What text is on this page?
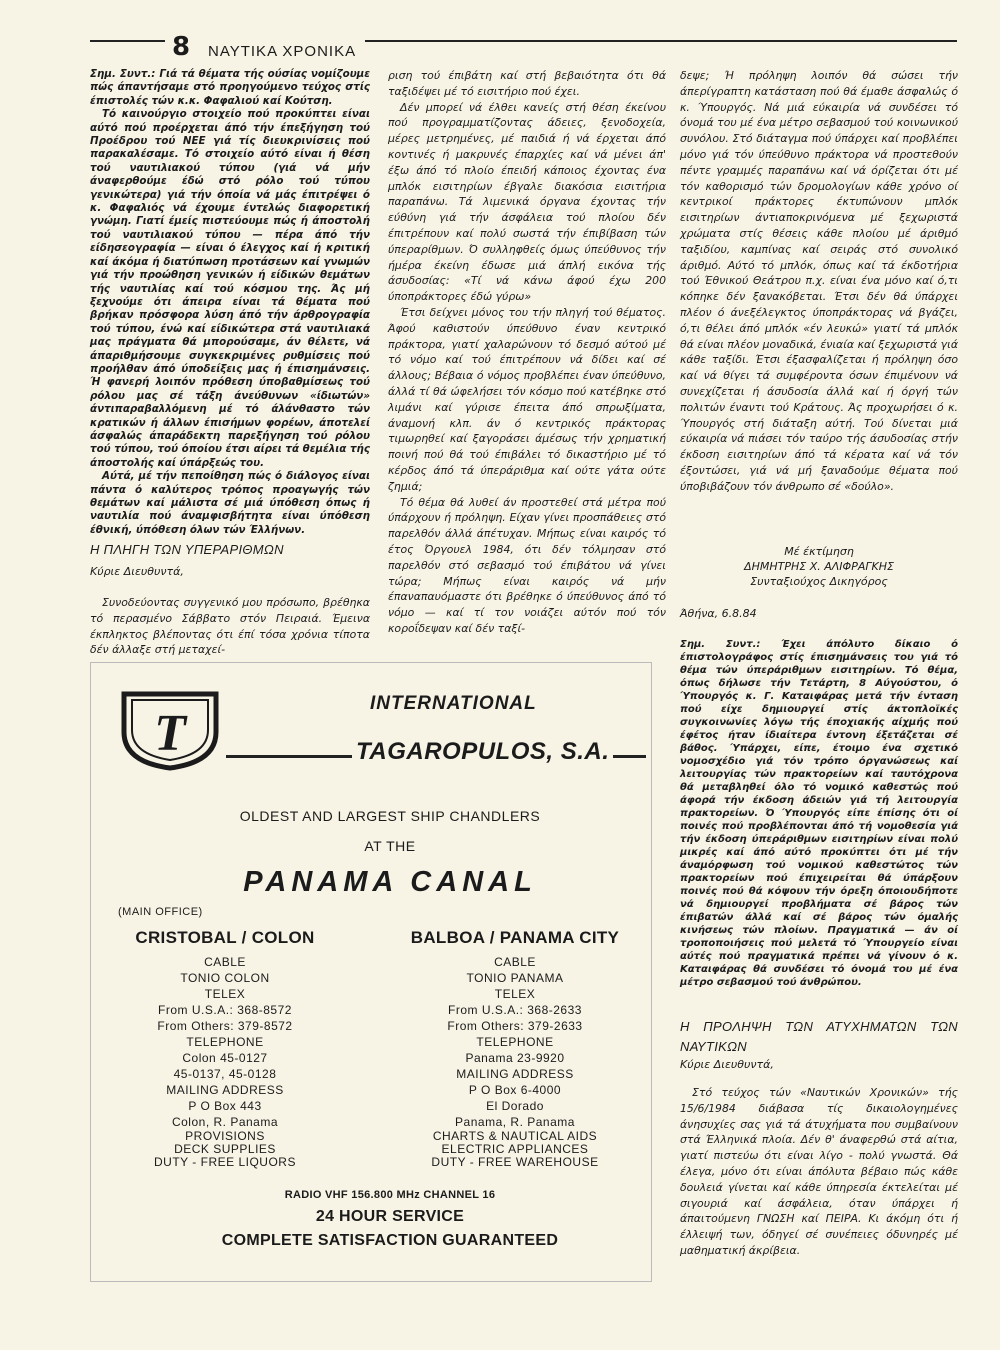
8 ΝΑΥΤΙΚΑ ΧΡΟΝΙΚΑ

Σημ. Συντ.: Γιά τά θέματα τής ούσίας νομίζουμε πώς άπαντήσαμε στό προηγούμενο τεύχος στίς έπιστολές τών κ.κ. Φαφαλιού καί Κούτση.

Τό καινούργιο στοιχείο πού προκύπτει είναι αύτό πού προέρχεται άπό τήν έπεξήγηση τού Προέδρου τού ΝΕΕ γιά τίς διευκρινίσεις πού παρακαλέσαμε. Τό στοιχείο αύτό είναι ή θέση τού ναυτιλιακού τύπου (γιά νά μήν άναφερθούμε έδώ στό ρόλο τού τύπου γενικώτερα) γιά τήν όποία νά μάς έπιτρέψει ό κ. Φαφαλιός νά έχουμε έντελώς διαφορετική γνώμη. Γιατί έμείς πιστεύουμε πώς ή άποστολή τού ναυτιλιακού τύπου — πέρα άπό τήν είδησεογραφία — είναι ό έλεγχος καί ή κριτική καί άκόμα ή διατύπωση προτάσεων καί γνωμών γιά τήν προώθηση γενικών ή είδικών θεμάτων τής ναυτιλίας καί τού κόσμου της. Άς μή ξεχνούμε ότι άπειρα είναι τά θέματα πού βρήκαν πρόσφορα λύση άπό τήν άρθρογραφία τού τύπου, ένώ καί είδικώτερα στά ναυτιλιακά μας πράγματα θά μπορούσαμε, άν θέλετε, νά άπαριθμήσουμε συγκεκριμένες ρυθμίσεις πού προήλθαν άπό ύποδείξεις μας ή έπισημάνσεις. Ή φανερή λοιπόν πρόθεση ύποβαθμίσεως τού ρόλου μας σέ τάξη άνεύθυνων «ίδιωτών» άντιπαραβαλλόμενη μέ τό άλάνθαστο τών κρατικών ή άλλων έπισήμων φορέων, άποτελεί άσφαλώς άπαράδεκτη παρεξήγηση τού ρόλου τού τύπου, τού όποίου έτσι αίρει τά θεμέλια τής άποστολής καί ύπάρξεώς του.

Αύτά, μέ τήν πεποίθηση πώς ό διάλογος είναι πάντα ό καλύτερος τρόπος προαγωγής τών θεμάτων καί μάλιστα σέ μιά ύπόθεση όπως ή ναυτιλία πού άναμφισβήτητα είναι ύπόθεση έθνική, ύπόθεση όλων τών Έλλήνων.

Η ΠΛΗΓΗ ΤΩΝ ΥΠΕΡΑΡΙΘΜΩΝ
Κύριε Διευθυντά,

Συνοδεύοντας συγγενικό μου πρόσωπο, βρέθηκα τό περασμένο Σάββατο στόν Πειραιά. Έμεινα έκπληκτος βλέποντας ότι έπί τόσα χρόνια τίποτα δέν άλλαξε στή μεταχεί-

ριση τού έπιβάτη καί στή βεβαιότητα ότι θά ταξιδέψει μέ τό εισιτήριο πού έχει.

Δέν μπορεί νά έλθει κανείς στή θέση έκείνου πού προγραμματίζοντας άδειες, ξενοδοχεία, μέρες μετρημένες, μέ παιδιά ή νά έρχεται άπό κοντινές ή μακρυνές έπαρχίες καί νά μένει άπ' έξω άπό τό πλοίο έπειδή κάποιος έχοντας ένα μπλόκ εισιτηρίων έβγαλε διακόσια εισιτήρια παραπάνω. Τά λιμενικά όργανα έχοντας τήν εύθύνη γιά τήν άσφάλεια τού πλοίου δέν έπιτρέπουν καί πολύ σωστά τήν έπιβίβαση τών ύπεραρίθμων. Ό συλληφθείς όμως ύπεύθυνος τήν ήμέρα έκείνη έδωσε μιά άπλή εικόνα τής άσυδοσίας: «Τί νά κάνω άφού έχω 200 ύποπράκτορες έδώ γύρω»

Έτσι δείχνει μόνος του τήν πληγή τού θέματος. Άφού καθιστούν ύπεύθυνο έναν κεντρικό πράκτορα, γιατί χαλαρώνουν τό δεσμό αύτού μέ τό νόμο καί τού έπιτρέπουν νά δίδει καί σέ άλλους; Βέβαια ό νόμος προβλέπει έναν ύπεύθυνο, άλλά τί θά ώφελήσει τόν κόσμο πού κατέβηκε στό λιμάνι καί γύρισε έπειτα άπό σπρωξίματα, άναμονή κλπ. άν ό κεντρικός πράκτορας τιμωρηθεί καί ξαγοράσει άμέσως τήν χρηματική ποινή πού θά τού έπιβάλει τό δικαστήριο μέ τό κέρδος άπό τά ύπεράριθμα καί ούτε γάτα ούτε ζημιά;

Τό θέμα θά λυθεί άν προστεθεί στά μέτρα πού ύπάρχουν ή πρόληψη. Είχαν γίνει προσπάθειες στό παρελθόν άλλά άπέτυχαν. Μήπως είναι καιρός τό έτος Όργουελ 1984, ότι δέν τόλμησαν στό παρελθόν στό σεβασμό τού έπιβάτου νά γίνει τώρα; Μήπως είναι καιρός νά μήν έπαναπαυόμαστε ότι βρέθηκε ό ύπεύθυνος άπό τό νόμο — καί τί τον νοιάζει αύτόν πού τόν κοροΐδεψαν καί δέν ταξί-

δεψε; Ή πρόληψη λοιπόν θά σώσει τήν άπερίγραπτη κατάσταση πού θά έμαθε άσφαλώς ό κ. Ύπουργός. Νά μιά εύκαιρία νά συνδέσει τό όνομά του μέ ένα μέτρο σεβασμού τού κοινωνικού συνόλου. Στό διάταγμα πού ύπάρχει καί προβλέπει μόνο γιά τόν ύπεύθυνο πράκτορα νά προστεθούν πέντε γραμμές παραπάνω καί νά όρίζεται ότι μέ τόν καθορισμό τών δρομολογίων κάθε χρόνο οί κεντρικοί πράκτορες έκτυπώνουν μπλόκ εισιτηρίων άντιαποκρινόμενα μέ ξεχωριστά χρώματα στίς θέσεις κάθε πλοίου μέ άριθμό ταξιδίου, καμπίνας καί σειράς στό συνολικό άριθμό. Αύτό τό μπλόκ, όπως καί τά έκδοτήρια τού Έθνικού Θεάτρου π.χ. είναι ένα μόνο καί ό,τι κόπηκε δέν ξανακόβεται. Έτσι δέν θά ύπάρχει πλέον ό άνεξέλεγκτος ύποπράκτορας νά βγάζει, ό,τι θέλει άπό μπλόκ «έν λευκώ» γιατί τά μπλόκ θά είναι πλέον μοναδικά, ένιαία καί ξεχωριστά γιά κάθε ταξίδι. Έτσι έξασφαλίζεται ή πρόληψη όσο καί νά θίγει τά συμφέροντα όσων έπιμένουν νά συνεχίζεται ή άσυδοσία άλλά καί ή όργή τών πολιτών έναντι τού Κράτους. Άς προχωρήσει ό κ. Ύπουργός στή διάταξη αύτή. Τού δίνεται μιά εύκαιρία νά πιάσει τόν ταύρο τής άσυδοσίας στήν έκδοση εισιτηρίων άπό τά κέρατα καί νά τόν έξοντώσει, γιά νά μή ξαναδούμε θέματα πού ύποβιβάζουν τόν άνθρωπο σέ «δούλο».

Μέ έκτίμηση
ΔΗΜΗΤΡΗΣ Χ. ΑΛΙΦΡΑΓΚΗΣ
Συνταξιούχος Δικηγόρος
Άθήνα, 6.8.84

Σημ. Συντ.: Έχει άπόλυτο δίκαιο ό έπιστολογράφος στίς έπισημάνσεις του γιά τό θέμα τών ύπεράριθμων εισιτηρίων. Τό θέμα, όπως δήλωσε τήν Τετάρτη, 8 Αύγούστου, ό Ύπουργός κ. Γ. Καταιφάρας μετά τήν ένταση πού είχε δημιουργεί στίς άκτοπλοϊκές συγκοινωνίες λόγω τής έποχιακής αίχμής πού έφέτος ήταν ίδιαίτερα έντονη έξετάζεται σέ βάθος. Ύπάρχει, είπε, έτοιμο ένα σχετικό νομοσχέδιο γιά τόν τρόπο όργανώσεως καί λειτουργίας τών πρακτορείων καί ταυτόχρονα θά μεταβληθεί όλο τό νομικό καθεστώς πού άφορά τήν έκδοση άδειών γιά τή λειτουργία πρακτορείων. Ό Ύπουργός είπε έπίσης ότι οί ποινές πού προβλέπονται άπό τή νομοθεσία γιά τήν έκδοση ύπεράριθμων εισιτηρίων είναι πολύ μικρές καί άπό αύτό προκύπτει ότι μέ τήν άναμόρφωση τού νομικού καθεστώτος τών πρακτορείων πού έπιχειρείται θά ύπάρξουν ποινές πού θά κόψουν τήν όρεξη όποιουδήποτε νά δημιουργεί προβλήματα σέ βάρος τών έπιβατών άλλά καί σέ βάρος τών όμαλής κινήσεως τών πλοίων. Πραγματικά — άν οί τροποποιήσεις πού μελετά τό Ύπουργείο είναι αύτές πού πραγματικά πρέπει νά γίνουν ό κ. Καταιφάρας θά συνδέσει τό όνομά του μέ ένα μέτρο σεβασμού τού άνθρώπου.

Η ΠΡΟΛΗΨΗ ΤΩΝ ΑΤΥΧΗΜΑΤΩΝ ΤΩΝ ΝΑΥΤΙΚΩΝ
Κύριε Διευθυντά,

Στό τεύχος τών «Ναυτικών Χρονικών» τής 15/6/1984 διάβασα τίς δικαιολογημένες άνησυχίες σας γιά τά άτυχήματα που συμβαίνουν στά Έλληνικά πλοία. Δέν θ' άναφερθώ στά αίτια, γιατί πιστεύω ότι είναι λίγο - πολύ γνωστά. Θά έλεγα, μόνο ότι είναι άπόλυτα βέβαιο πώς κάθε δουλειά γίνεται καί κάθε ύπηρεσία έκτελείται μέ σιγουριά καί άσφάλεια, όταν ύπάρχει ή άπαιτούμενη ΓΝΩΣΗ καί ΠΕΙΡΑ. Κι άκόμη ότι ή έλλειψή των, όδηγεί σέ συνέπειες όδυνηρές μέ μαθηματική άκρίβεια.

T
INTERNATIONAL
TAGAROPULOS, S.A.
OLDEST AND LARGEST SHIP CHANDLERS
AT THE
PANAMA CANAL
(MAIN OFFICE)
CRISTOBAL / COLON
CABLE
TONIO COLON
TELEX
From U.S.A.: 368-8572
From Others: 379-8572
TELEPHONE
Colon 45-0127
45-0137, 45-0128
MAILING ADDRESS
P O Box 443
Colon, R. Panama
PROVISIONS
DECK SUPPLIES
DUTY - FREE LIQUORS
BALBOA / PANAMA CITY
CABLE
TONIO PANAMA
TELEX
From U.S.A.: 368-2633
From Others: 379-2633
TELEPHONE
Panama 23-9920
MAILING ADDRESS
P O Box 6-4000
El Dorado
Panama, R. Panama
CHARTS & NAUTICAL AIDS
ELECTRIC APPLIANCES
DUTY - FREE WAREHOUSE
RADIO VHF 156.800 MHz CHANNEL 16
24 HOUR SERVICE
COMPLETE SATISFACTION GUARANTEED
